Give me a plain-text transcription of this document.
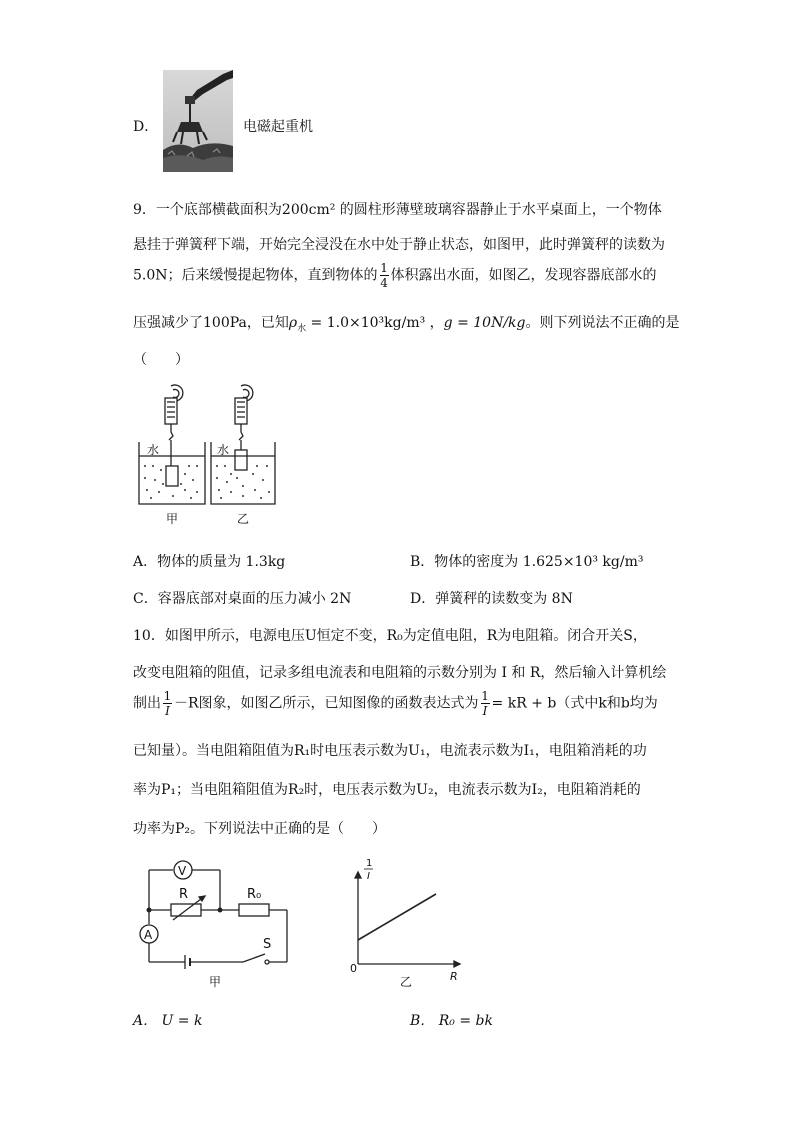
D．	电磁起重机
9．一个底部横截面积为200cm² 的圆柱形薄壁玻璃容器静止于水平桌面上，一个物体
悬挂于弹簧秤下端，开始完全浸没在水中处于静止状态，如图甲，此时弹簧秤的读数为
5.0N；后来缓慢提起物体，直到物体的 $\frac{1}{4}$ 体积露出水面，如图乙，发现容器底部水的
压强减少了100Pa，已知$\rho_水 = 1.0\times 10^3kg/m^3$ ，g = 10N/kg。则下列说法不正确的是
（　　）
水	水
甲	乙
A．物体的质量为 1.3kg	B．物体的密度为 1.625×10³ kg/m³
C．容器底部对桌面的压力减小 2N	D．弹簧秤的读数变为 8N
10．如图甲所示，电源电压U恒定不变，R₀为定值电阻，R为电阻箱。闭合开关S，
改变电阻箱的阻值，记录多组电流表和电阻箱的示数分别为 I 和 R，然后输入计算机绘
制出 $\frac{1}{I} -R$图象，如图乙所示，已知图像的函数表达式为 $\frac{1}{I}$ = kR + b（式中k和b均为
已知量）。当电阻箱阻值为R₁时电压表示数为U₁，电流表示数为I₁，电阻箱消耗的功
率为P₁；当电阻箱阻值为R₂时，电压表示数为U₂，电流表示数为I₂，电阻箱消耗的
功率为P₂。下列说法中正确的是（　　）
V
A
R	R₀
S
甲
1
I
R
0
乙
A． U = k	B． R₀ = bk
